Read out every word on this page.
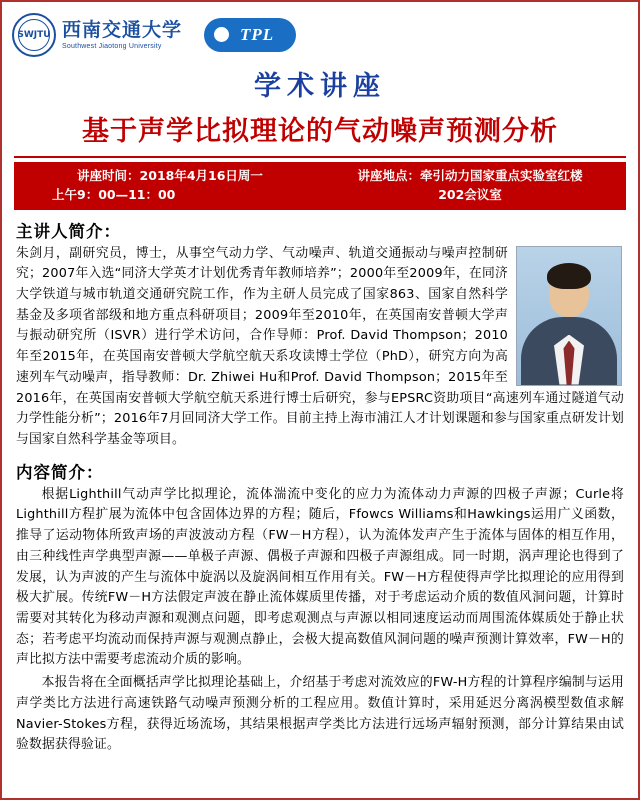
SWJTU 西南交通大学
Southwest Jiaotong University
TPL
学术讲座
基于声学比拟理论的气动噪声预测分析
讲座时间：2018年4月16日周一
上午9：00—11：00
讲座地点：牵引动力国家重点实验室红楼
202会议室
主讲人简介：
朱剑月，副研究员，博士，从事空气动力学、气动噪声、轨道交通振动与噪声控制研究；2007年入选“同济大学英才计划优秀青年教师培养”；2000年至2009年，在同济大学铁道与城市轨道交通研究院工作，作为主研人员完成了国家863、国家自然科学基金及多项省部级和地方重点科研项目；2009年至2010年，在英国南安普顿大学声与振动研究所（ISVR）进行学术访问，合作导师：Prof. David Thompson；2010年至2015年，在英国南安普顿大学航空航天系攻读博士学位（PhD），研究方向为高速列车气动噪声，指导教师：Dr. Zhiwei Hu和Prof. David Thompson；2015年至2016年，在英国南安普顿大学航空航天系进行博士后研究，参与EPSRC资助项目“高速列车通过隧道气动力学性能分析”；2016年7月回同济大学工作。目前主持上海市浦江人才计划课题和参与国家重点研发计划与国家自然科学基金等项目。
内容简介：

根据Lighthill气动声学比拟理论，流体湍流中变化的应力为流体动力声源的四极子声源；Curle将Lighthill方程扩展为流体中包含固体边界的方程；随后，Ffowcs Williams和Hawkings运用广义函数，推导了运动物体所致声场的声波波动方程（FW－H方程），认为流体发声产生于流体与固体的相互作用，由三种线性声学典型声源——单极子声源、偶极子声源和四极子声源组成。同一时期，涡声理论也得到了发展，认为声波的产生与流体中旋涡以及旋涡间相互作用有关。FW－H方程使得声学比拟理论的应用得到极大扩展。传统FW－H方法假定声波在静止流体媒质里传播，对于考虑运动介质的数值风洞问题，计算时需要对其转化为移动声源和观测点问题，即考虑观测点与声源以相同速度运动而周围流体媒质处于静止状态；若考虑平均流动而保持声源与观测点静止，会极大提高数值风洞问题的噪声预测计算效率，FW－H的声比拟方法中需要考虑流动介质的影响。

本报告将在全面概括声学比拟理论基础上，介绍基于考虑对流效应的FW-H方程的计算程序编制与运用声学类比方法进行高速铁路气动噪声预测分析的工程应用。数值计算时，采用延迟分离涡模型数值求解Navier-Stokes方程，获得近场流场，其结果根据声学类比方法进行远场声辐射预测，部分计算结果由试验数据获得验证。
